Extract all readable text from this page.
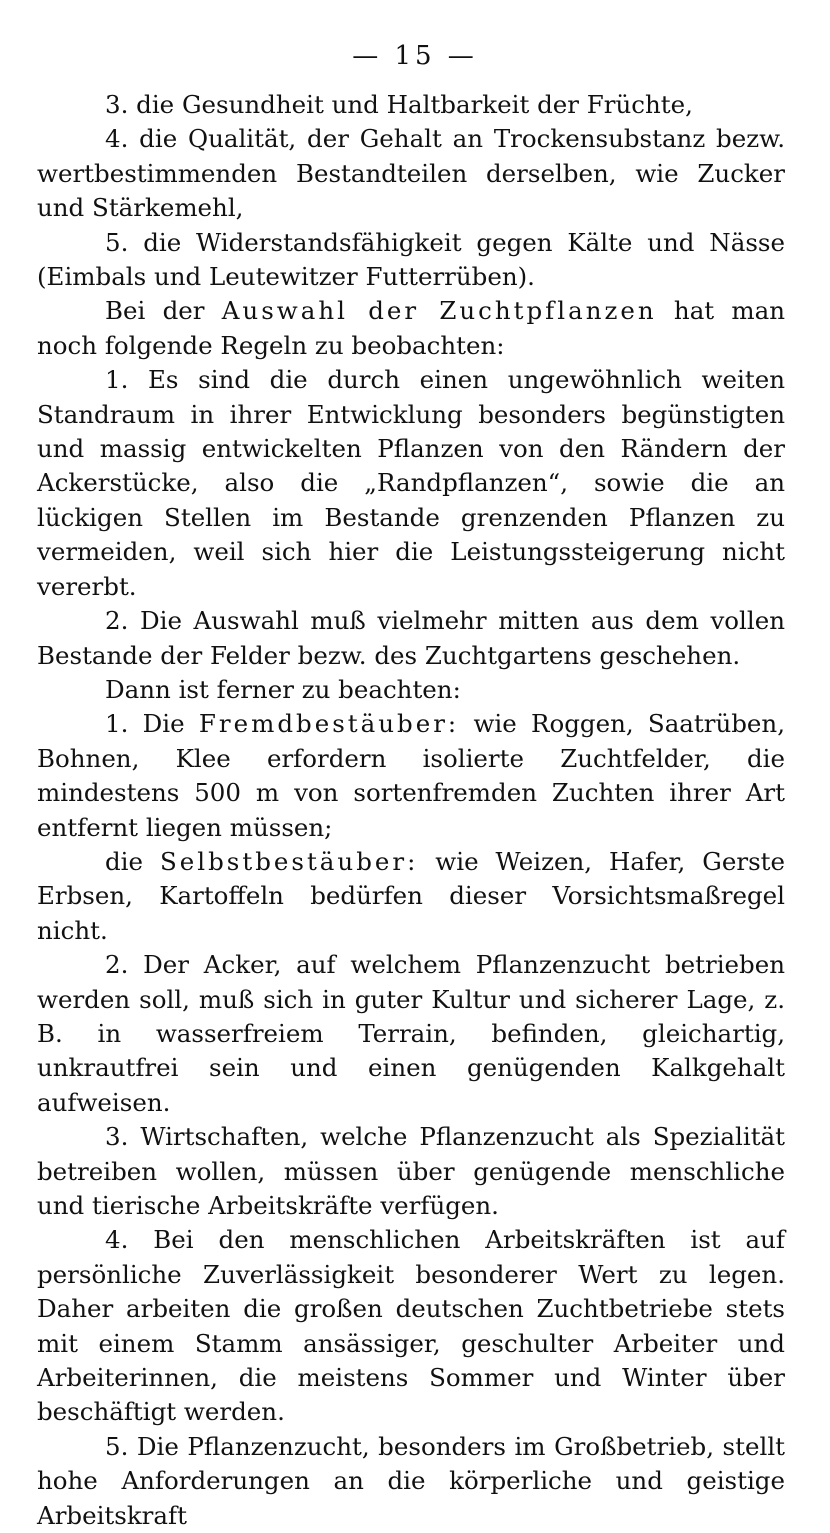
— 15 —

3. die Gesundheit und Haltbarkeit der Früchte,

4. die Qualität, der Gehalt an Trockensubstanz bezw. wertbestimmenden Bestandteilen derselben, wie Zucker und Stärkemehl,

5. die Widerstandsfähigkeit gegen Kälte und Nässe (Eimbals und Leutewitzer Futterrüben).

Bei der Auswahl der Zuchtpflanzen hat man noch folgende Regeln zu beobachten:

1. Es sind die durch einen ungewöhnlich weiten Standraum in ihrer Entwicklung besonders begünstigten und massig entwickelten Pflanzen von den Rändern der Ackerstücke, also die „Randpflanzen“, sowie die an lückigen Stellen im Bestande grenzenden Pflanzen zu vermeiden, weil sich hier die Leistungssteigerung nicht vererbt.

2. Die Auswahl muß vielmehr mitten aus dem vollen Bestande der Felder bezw. des Zuchtgartens geschehen.

Dann ist ferner zu beachten:

1. Die Fremdbestäuber: wie Roggen, Saatrüben, Bohnen, Klee erfordern isolierte Zuchtfelder, die mindestens 500 m von sortenfremden Zuchten ihrer Art entfernt liegen müssen;

die Selbstbestäuber: wie Weizen, Hafer, Gerste Erbsen, Kartoffeln bedürfen dieser Vorsichtsmaßregel nicht.

2. Der Acker, auf welchem Pflanzenzucht betrieben werden soll, muß sich in guter Kultur und sicherer Lage, z. B. in wasserfreiem Terrain, befinden, gleichartig, unkrautfrei sein und einen genügenden Kalkgehalt aufweisen.

3. Wirtschaften, welche Pflanzenzucht als Spezialität betreiben wollen, müssen über genügende menschliche und tierische Arbeitskräfte verfügen.

4. Bei den menschlichen Arbeitskräften ist auf persönliche Zuverlässigkeit besonderer Wert zu legen. Daher arbeiten die großen deutschen Zuchtbetriebe stets mit einem Stamm ansässiger, geschulter Arbeiter und Arbeiterinnen, die meistens Sommer und Winter über beschäftigt werden.

5. Die Pflanzenzucht, besonders im Großbetrieb, stellt hohe Anforderungen an die körperliche und geistige Arbeitskraft
